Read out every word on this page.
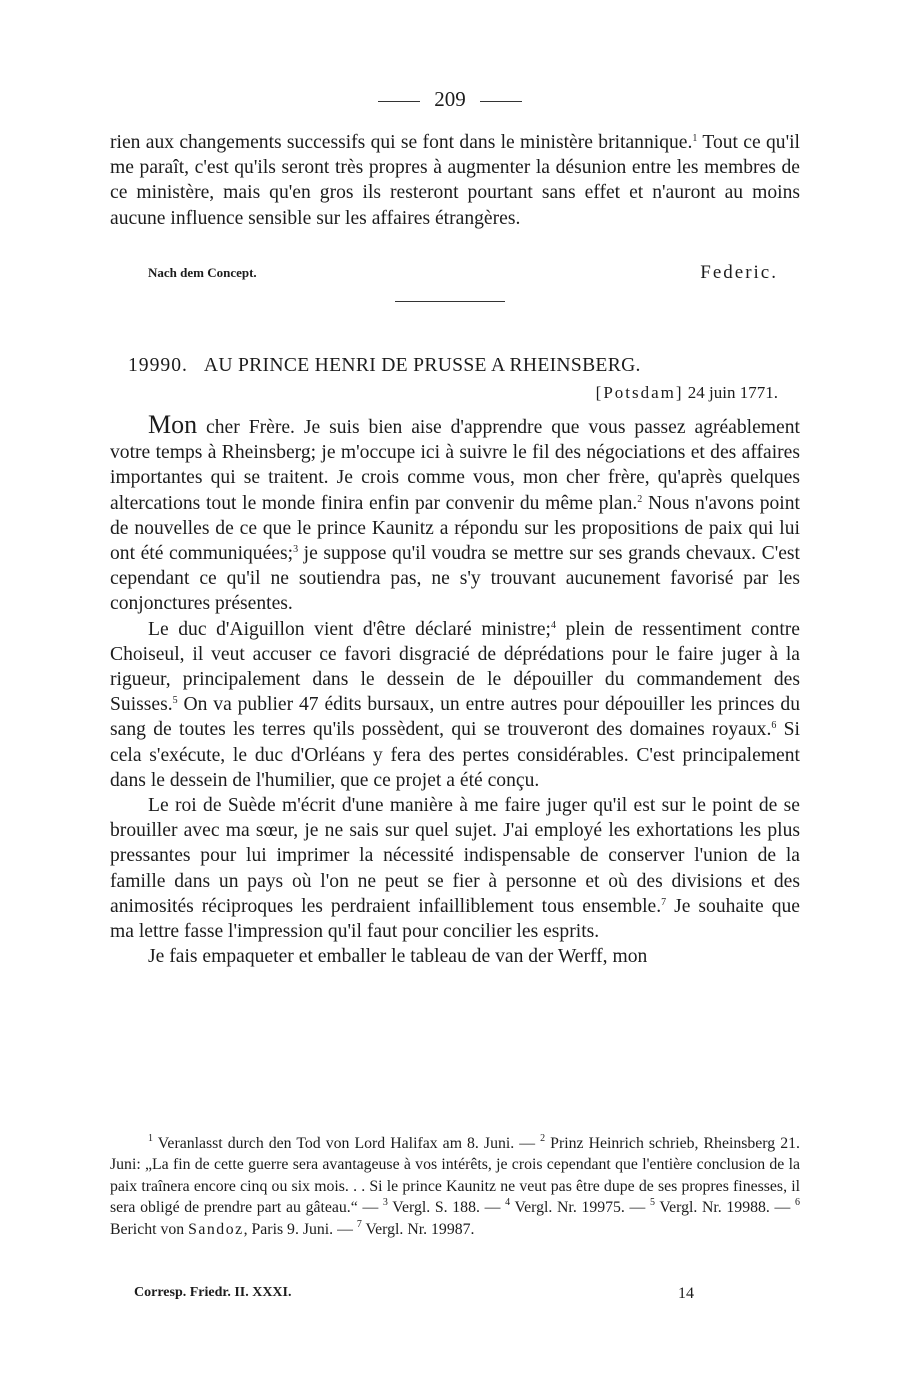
209
rien aux changements successifs qui se font dans le ministère britannique.$^1$ Tout ce qu'il me paraît, c'est qu'ils seront très propres à augmenter la désunion entre les membres de ce ministère, mais qu'en gros ils resteront pourtant sans effet et n'auront au moins aucune influence sensible sur les affaires étrangères.
Nach dem Concept.	Federic.
19990. AU PRINCE HENRI DE PRUSSE A RHEINSBERG.
[Potsdam] 24 juin 1771.
Mon cher Frère. Je suis bien aise d'apprendre que vous passez agréablement votre temps à Rheinsberg; je m'occupe ici à suivre le fil des négociations et des affaires importantes qui se traitent. Je crois comme vous, mon cher frère, qu'après quelques altercations tout le monde finira enfin par convenir du même plan.$^2$ Nous n'avons point de nouvelles de ce que le prince Kaunitz a répondu sur les propositions de paix qui lui ont été communiquées;$^3$ je suppose qu'il voudra se mettre sur ses grands chevaux. C'est cependant ce qu'il ne soutiendra pas, ne s'y trouvant aucunement favorisé par les conjonctures présentes.
Le duc d'Aiguillon vient d'être déclaré ministre;$^4$ plein de ressentiment contre Choiseul, il veut accuser ce favori disgracié de déprédations pour le faire juger à la rigueur, principalement dans le dessein de le dépouiller du commandement des Suisses.$^5$ On va publier 47 édits bursaux, un entre autres pour dépouiller les princes du sang de toutes les terres qu'ils possèdent, qui se trouveront des domaines royaux.$^6$ Si cela s'exécute, le duc d'Orléans y fera des pertes considérables. C'est principalement dans le dessein de l'humilier, que ce projet a été conçu.
Le roi de Suède m'écrit d'une manière à me faire juger qu'il est sur le point de se brouiller avec ma sœur, je ne sais sur quel sujet. J'ai employé les exhortations les plus pressantes pour lui imprimer la nécessité indispensable de conserver l'union de la famille dans un pays où l'on ne peut se fier à personne et où des divisions et des animosités réciproques les perdraient infailliblement tous ensemble.$^7$ Je souhaite que ma lettre fasse l'impression qu'il faut pour concilier les esprits.
Je fais empaqueter et emballer le tableau de van der Werff, mon
$^1$ Veranlasst durch den Tod von Lord Halifax am 8. Juni. — $^2$ Prinz Heinrich schrieb, Rheinsberg 21. Juni: „La fin de cette guerre sera avantageuse à vos intérêts, je crois cependant que l'entière conclusion de la paix traînera encore cinq ou six mois. . . Si le prince Kaunitz ne veut pas être dupe de ses propres finesses, il sera obligé de prendre part au gâteau.“ — $^3$ Vergl. S. 188. — $^4$ Vergl. Nr. 19975. — $^5$ Vergl. Nr. 19988. — $^6$ Bericht von Sandoz, Paris 9. Juni. — $^7$ Vergl. Nr. 19987.
Corresp. Friedr. II. XXXI.	14
